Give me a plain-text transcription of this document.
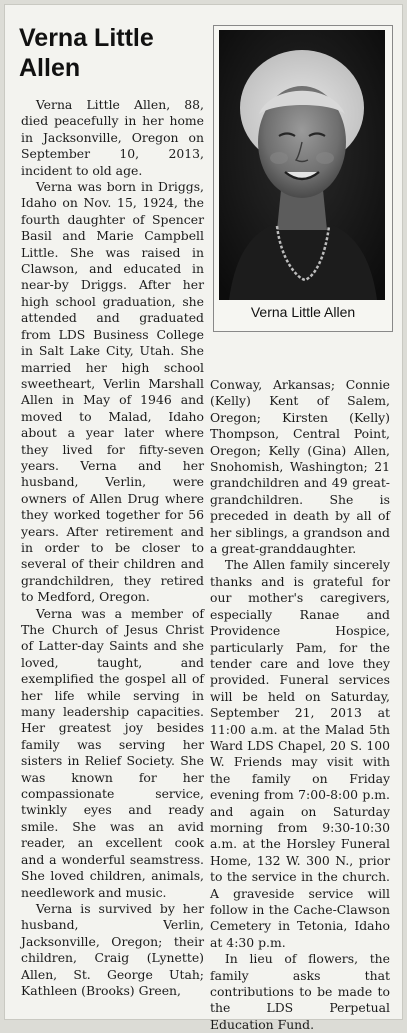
Verna Little Allen

Verna Little Allen, 88, died peacefully in her home in Jacksonville, Oregon on September 10, 2013, incident to old age.

Verna was born in Driggs, Idaho on Nov. 15, 1924, the fourth daughter of Spencer Basil and Marie Campbell Little. She was raised in Clawson, and educated in near-by Driggs. After her high school graduation, she attended and graduated from LDS Business College in Salt Lake City, Utah. She married her high school sweetheart, Verlin Marshall Allen in May of 1946 and moved to Malad, Idaho about a year later where they lived for fifty-seven years. Verna and her husband, Verlin, were owners of Allen Drug where they worked together for 56 years. After retirement and in order to be closer to several of their children and grandchildren, they retired to Medford, Oregon.

Verna was a member of The Church of Jesus Christ of Latter-day Saints and she loved, taught, and exemplified the gospel all of her life while serving in many leadership capacities. Her greatest joy besides family was serving her sisters in Relief Society. She was known for her compassionate service, twinkly eyes and ready smile. She was an avid reader, an excellent cook and a wonderful seamstress. She loved children, animals, needlework and music.

Verna is survived by her husband, Verlin, Jacksonville, Oregon; their children, Craig (Lynette) Allen, St. George Utah; Kathleen (Brooks) Green,

Verna Little Allen

Conway, Arkansas; Connie (Kelly) Kent of Salem, Oregon; Kirsten (Kelly) Thompson, Central Point, Oregon; Kelly (Gina) Allen, Snohomish, Washington; 21 grandchildren and 49 great-grandchildren. She is preceded in death by all of her siblings, a grandson and a great-granddaughter.

The Allen family sincerely thanks and is grateful for our mother's caregivers, especially Ranae and Providence Hospice, particularly Pam, for the tender care and love they provided. Funeral services will be held on Saturday, September 21, 2013 at 11:00 a.m. at the Malad 5th Ward LDS Chapel, 20 S. 100 W. Friends may visit with the family on Friday evening from 7:00-8:00 p.m. and again on Saturday morning from 9:30-10:30 a.m. at the Horsley Funeral Home, 132 W. 300 N., prior to the service in the church. A graveside service will follow in the Cache-Clawson Cemetery in Tetonia, Idaho at 4:30 p.m.

In lieu of flowers, the family asks that contributions to be made to the LDS Perpetual Education Fund.
